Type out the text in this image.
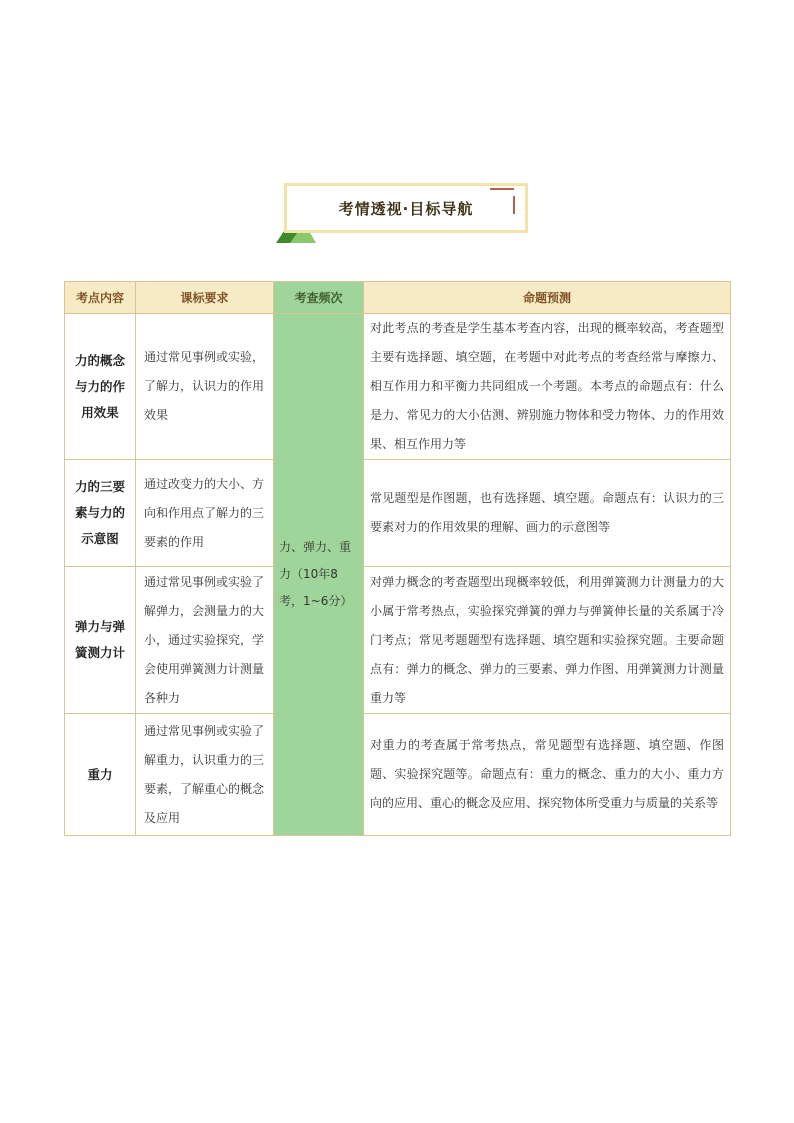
考情透视·目标导航
考点内容	课标要求	考查频次	命题预测
力的概念与力的作用效果	通过常见事例或实验，了解力，认识力的作用效果	力、弹力、重力（10年8考，1~6分）	对此考点的考查是学生基本考查内容，出现的概率较高，考查题型主要有选择题、填空题，在考题中对此考点的考查经常与摩擦力、相互作用力和平衡力共同组成一个考题。本考点的命题点有：什么是力、常见力的大小估测、辨别施力物体和受力物体、力的作用效果、相互作用力等
力的三要素与力的示意图	通过改变力的大小、方向和作用点了解力的三要素的作用		常见题型是作图题，也有选择题、填空题。命题点有：认识力的三要素对力的作用效果的理解、画力的示意图等
弹力与弹簧测力计	通过常见事例或实验了解弹力，会测量力的大小，通过实验探究，学会使用弹簧测力计测量各种力		对弹力概念的考查题型出现概率较低，利用弹簧测力计测量力的大小属于常考热点，实验探究弹簧的弹力与弹簧伸长量的关系属于冷门考点；常见考题题型有选择题、填空题和实验探究题。主要命题点有：弹力的概念、弹力的三要素、弹力作图、用弹簧测力计测量重力等
重力	通过常见事例或实验了解重力，认识重力的三要素，了解重心的概念及应用		对重力的考查属于常考热点，常见题型有选择题、填空题、作图题、实验探究题等。命题点有：重力的概念、重力的大小、重力方向的应用、重心的概念及应用、探究物体所受重力与质量的关系等
